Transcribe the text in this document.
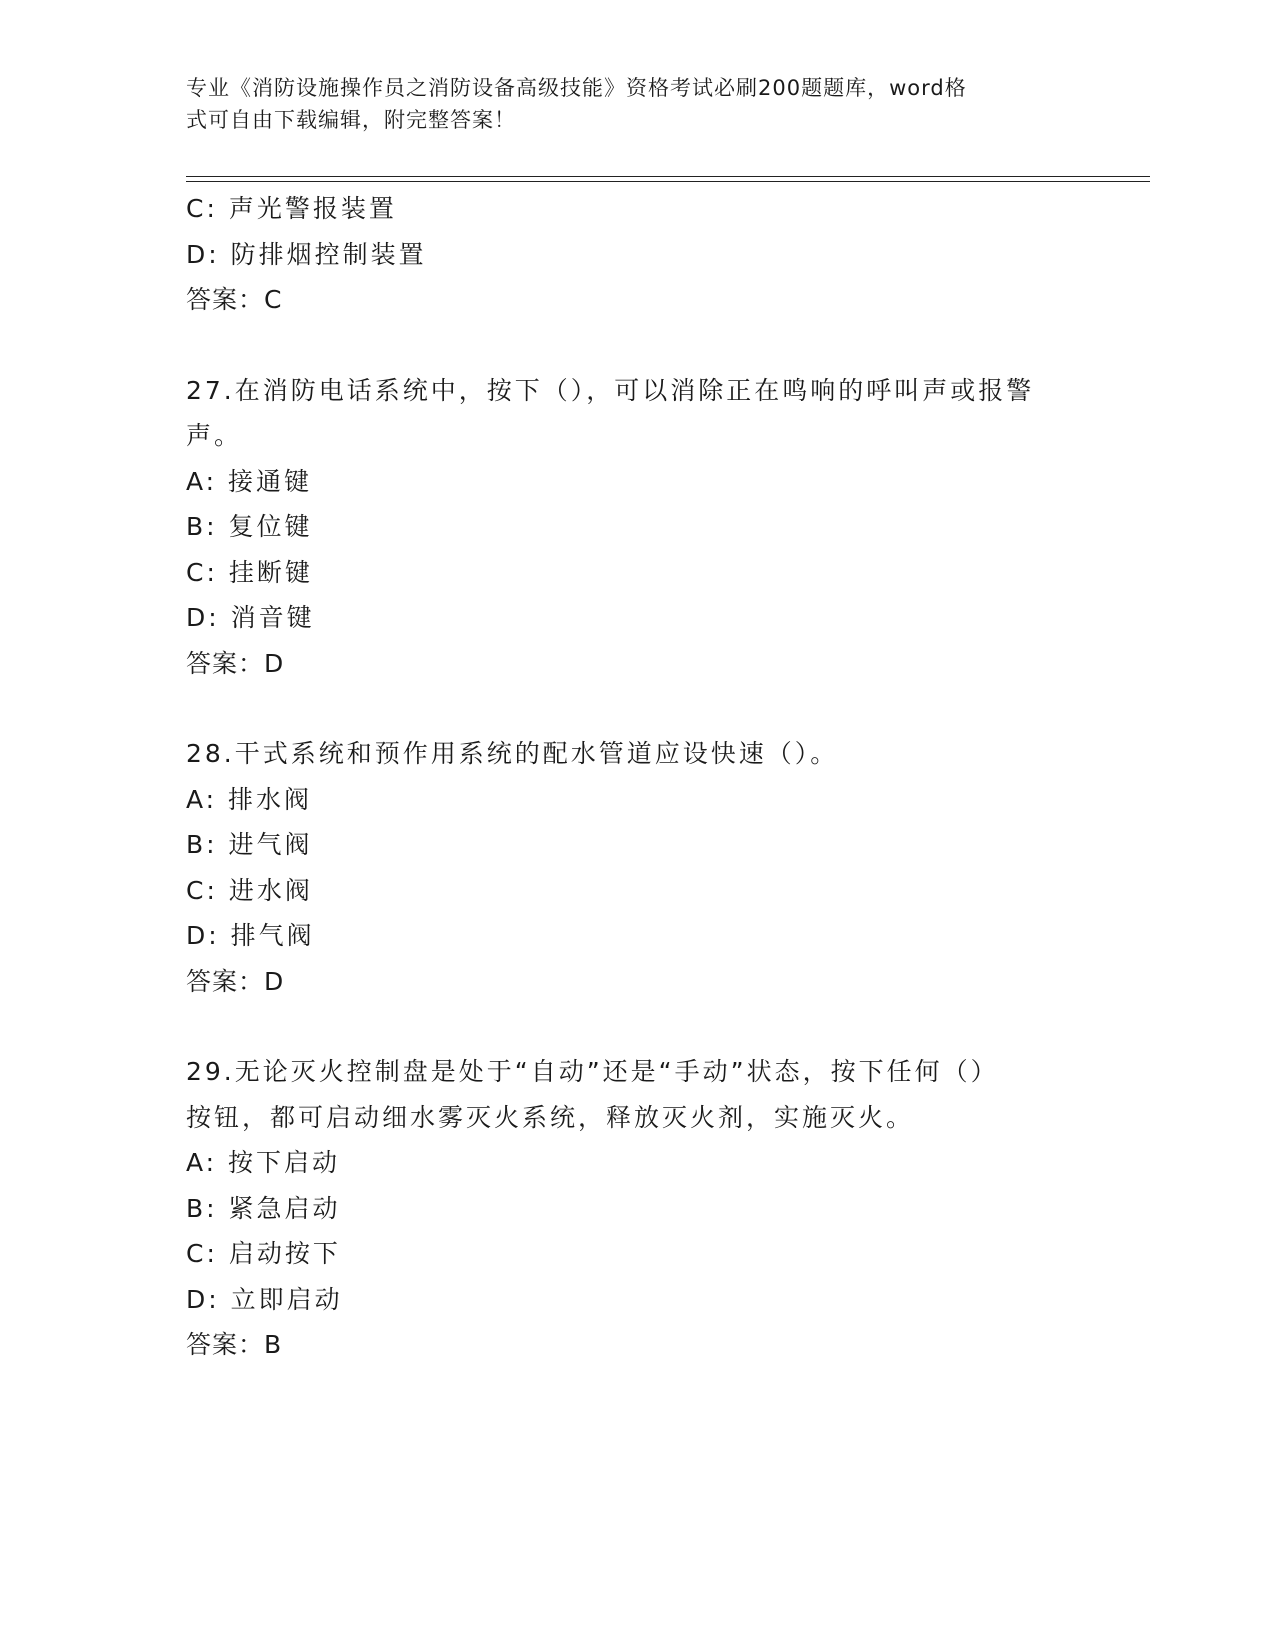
专业《消防设施操作员之消防设备高级技能》资格考试必刷200题题库，word格
式可自由下载编辑，附完整答案！
C: 声光警报装置
D: 防排烟控制装置
答案：C
27.在消防电话系统中，按下（），可以消除正在鸣响的呼叫声或报警
声。
A: 接通键
B: 复位键
C: 挂断键
D: 消音键
答案：D
28.干式系统和预作用系统的配水管道应设快速（）。
A: 排水阀
B: 进气阀
C: 进水阀
D: 排气阀
答案：D
29.无论灭火控制盘是处于“自动”还是“手动”状态，按下任何（）
按钮，都可启动细水雾灭火系统，释放灭火剂，实施灭火。
A: 按下启动
B: 紧急启动
C: 启动按下
D: 立即启动
答案：B
